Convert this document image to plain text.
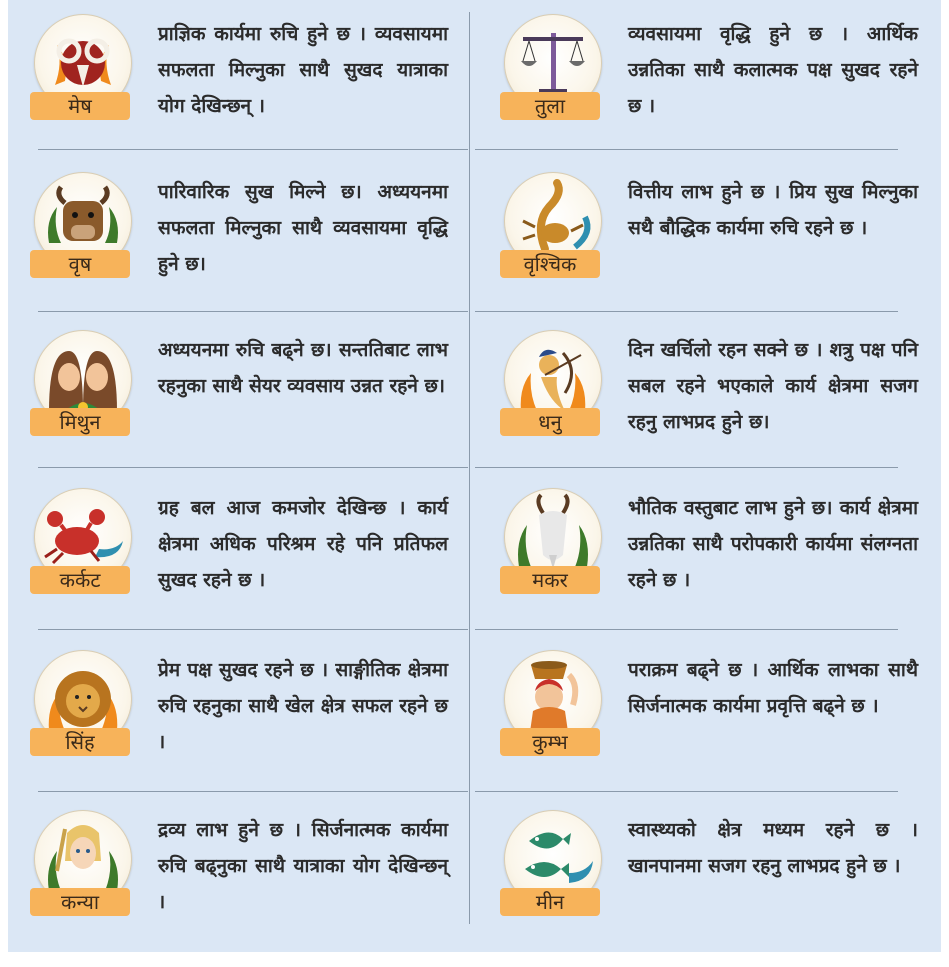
मेष
प्राज्ञिक कार्यमा रुचि हुने छ । व्यवसायमा सफलता मिल्नुका साथै सुखद यात्राका योग देखिन्छन् ।	तुला
व्यवसायमा वृद्धि हुने छ । आर्थिक उन्नतिका साथै कलात्मक पक्ष सुखद रहने छ ।
वृष
पारिवारिक सुख मिल्ने छ। अध्ययनमा सफलता मिल्नुका साथै व्यवसायमा वृद्धि हुने छ।	वृश्चिक
वित्तीय लाभ हुने छ । प्रिय सुख मिल्नुका सथै बौद्धिक कार्यमा रुचि रहने छ ।
मिथुन
अध्ययनमा रुचि बढ्ने छ। सन्ततिबाट लाभ रहनुका साथै सेयर व्यवसाय उन्नत रहने छ।
धनु
दिन खर्चिलो रहन सक्ने छ । शत्रु पक्ष पनि सबल रहने भएकाले कार्य क्षेत्रमा सजग रहनु लाभप्रद हुने छ।
कर्कट
ग्रह बल आज कमजोर देखिन्छ । कार्य क्षेत्रमा अधिक परिश्रम रहे पनि प्रतिफल सुखद रहने छ ।	मकर
भौतिक वस्तुबाट लाभ हुने छ। कार्य क्षेत्रमा उन्नतिका साथै परोपकारी कार्यमा संलग्नता रहने छ ।
सिंह
प्रेम पक्ष सुखद रहने छ । साङ्गीतिक क्षेत्रमा रुचि रहनुका साथै खेल क्षेत्र सफल रहने छ ।	कुम्भ
पराक्रम बढ्ने छ । आर्थिक लाभका साथै सिर्जनात्मक कार्यमा प्रवृत्ति बढ्ने छ ।
कन्या
द्रव्य लाभ हुने छ । सिर्जनात्मक कार्यमा रुचि बढ्नुका साथै यात्राका योग देखिन्छन् ।	मीन
स्वास्थ्यको क्षेत्र मध्यम रहने छ । खानपानमा सजग रहनु लाभप्रद हुने छ ।
